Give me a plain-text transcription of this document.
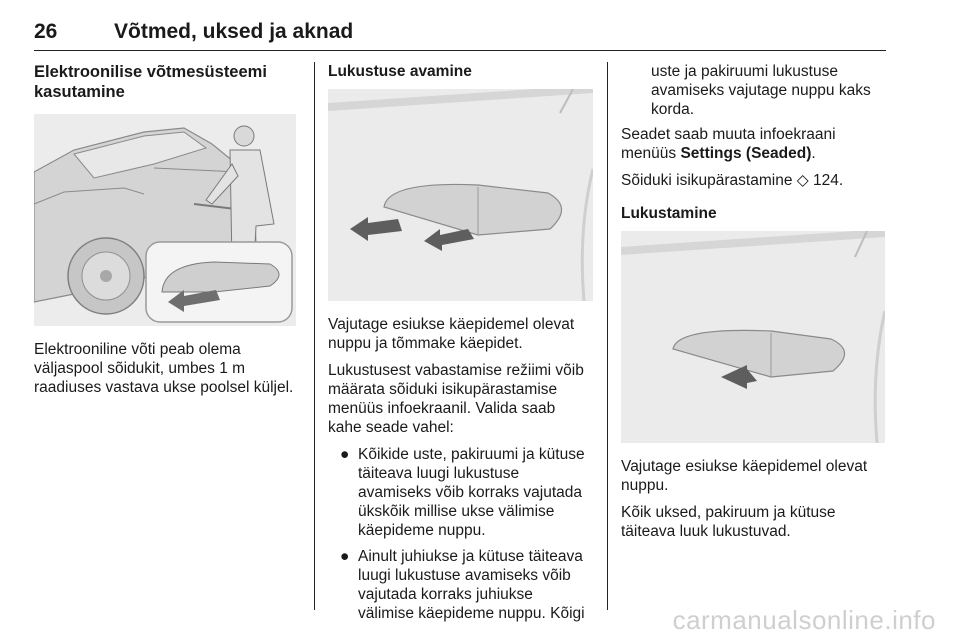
26	Võtmed, uksed ja aknad
Elektroonilise võtmesüsteemi kasutamine

Elektrooniline võti peab olema väljaspool sõidukit, umbes 1 m raadiuses vastava ukse poolsel küljel.

Lukustuse avamine

Vajutage esiukse käepidemel olevat nuppu ja tõmmake käepidet.

Lukustusest vabastamise režiimi võib määrata sõiduki isikupärastamise menüüs infoekraanil. Valida saab kahe seade vahel:

● Kõikide uste, pakiruumi ja kütuse täiteava luugi lukustuse avamiseks võib korraks vajutada ükskõik millise ukse välimise käepideme nuppu.
● Ainult juhiukse ja kütuse täiteava luugi lukustuse avamiseks võib vajutada korraks juhiukse välimise käepideme nuppu. Kõigi

uste ja pakiruumi lukustuse avamiseks vajutage nuppu kaks korda.

Seadet saab muuta infoekraani menüüs Settings (Seaded).

Sõiduki isikupärastamine ◇ 124.

Lukustamine

Vajutage esiukse käepidemel olevat nuppu.

Kõik uksed, pakiruum ja kütuse täiteava luuk lukustuvad.

carmanualsonline.info
